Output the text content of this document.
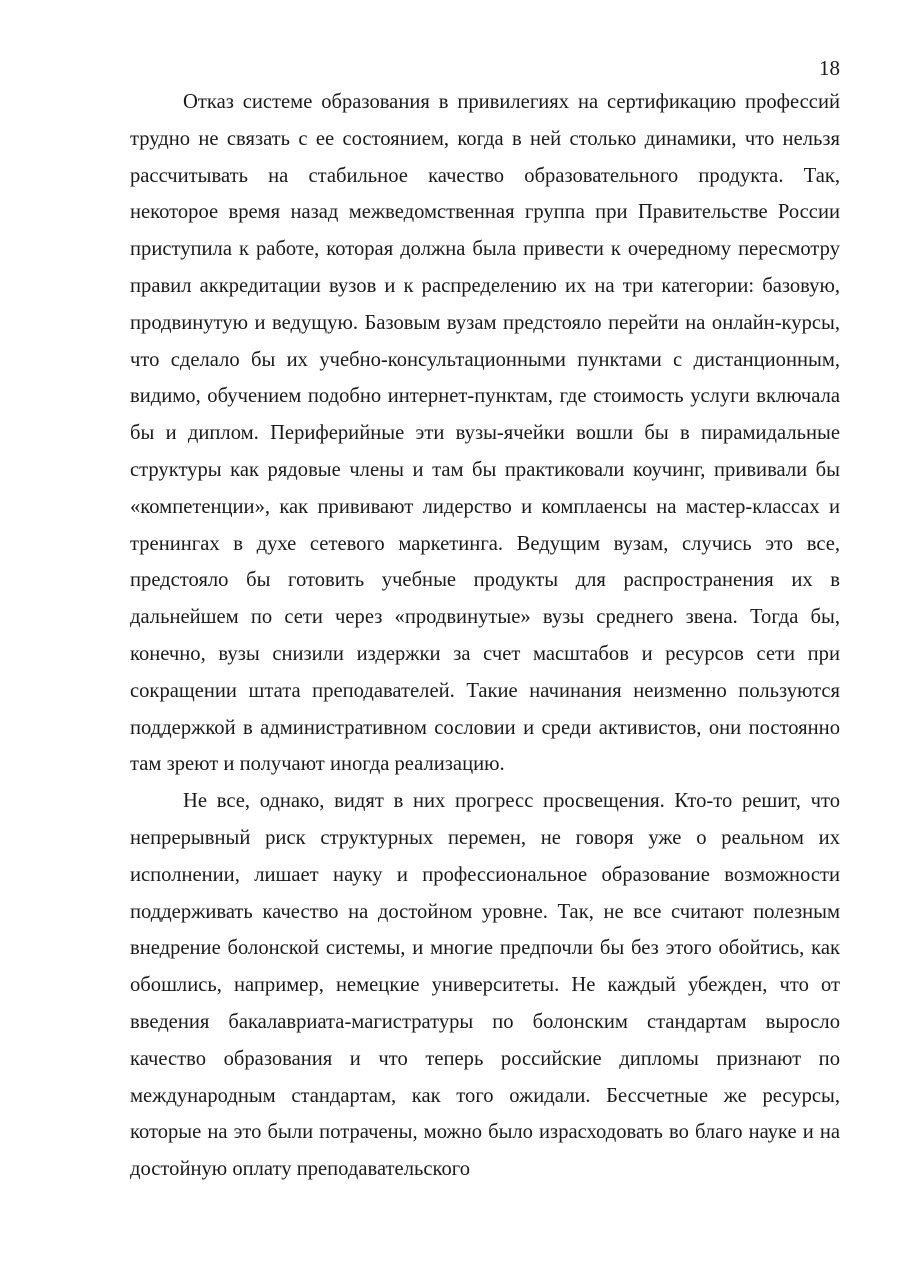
18

Отказ системе образования в привилегиях на сертификацию профессий трудно не связать с ее состоянием, когда в ней столько динамики, что нельзя рассчитывать на стабильное качество образовательного продукта. Так, некоторое время назад межведомственная группа при Правительстве России приступила к работе, которая должна была привести к очередному пересмотру правил аккредитации вузов и к распределению их на три категории: базовую, продвинутую и ведущую. Базовым вузам предстояло перейти на онлайн-курсы, что сделало бы их учебно-консультационными пунктами с дистанционным, видимо, обучением подобно интернет-пунктам, где стоимость услуги включала бы и диплом. Периферийные эти вузы-ячейки вошли бы в пирамидальные структуры как рядовые члены и там бы практиковали коучинг, прививали бы «компетенции», как прививают лидерство и комплаенсы на мастер-классах и тренингах в духе сетевого маркетинга. Ведущим вузам, случись это все, предстояло бы готовить учебные продукты для распространения их в дальнейшем по сети через «продвинутые» вузы среднего звена. Тогда бы, конечно, вузы снизили издержки за счет масштабов и ресурсов сети при сокращении штата преподавателей. Такие начинания неизменно пользуются поддержкой в административном сословии и среди активистов, они постоянно там зреют и получают иногда реализацию.

Не все, однако, видят в них прогресс просвещения. Кто-то решит, что непрерывный риск структурных перемен, не говоря уже о реальном их исполнении, лишает науку и профессиональное образование возможности поддерживать качество на достойном уровне. Так, не все считают полезным внедрение болонской системы, и многие предпочли бы без этого обойтись, как обошлись, например, немецкие университеты. Не каждый убежден, что от введения бакалавриата-магистратуры по болонским стандартам выросло качество образования и что теперь российские дипломы признают по международным стандартам, как того ожидали. Бессчетные же ресурсы, которые на это были потрачены, можно было израсходовать во благо науке и на достойную оплату преподавательского
